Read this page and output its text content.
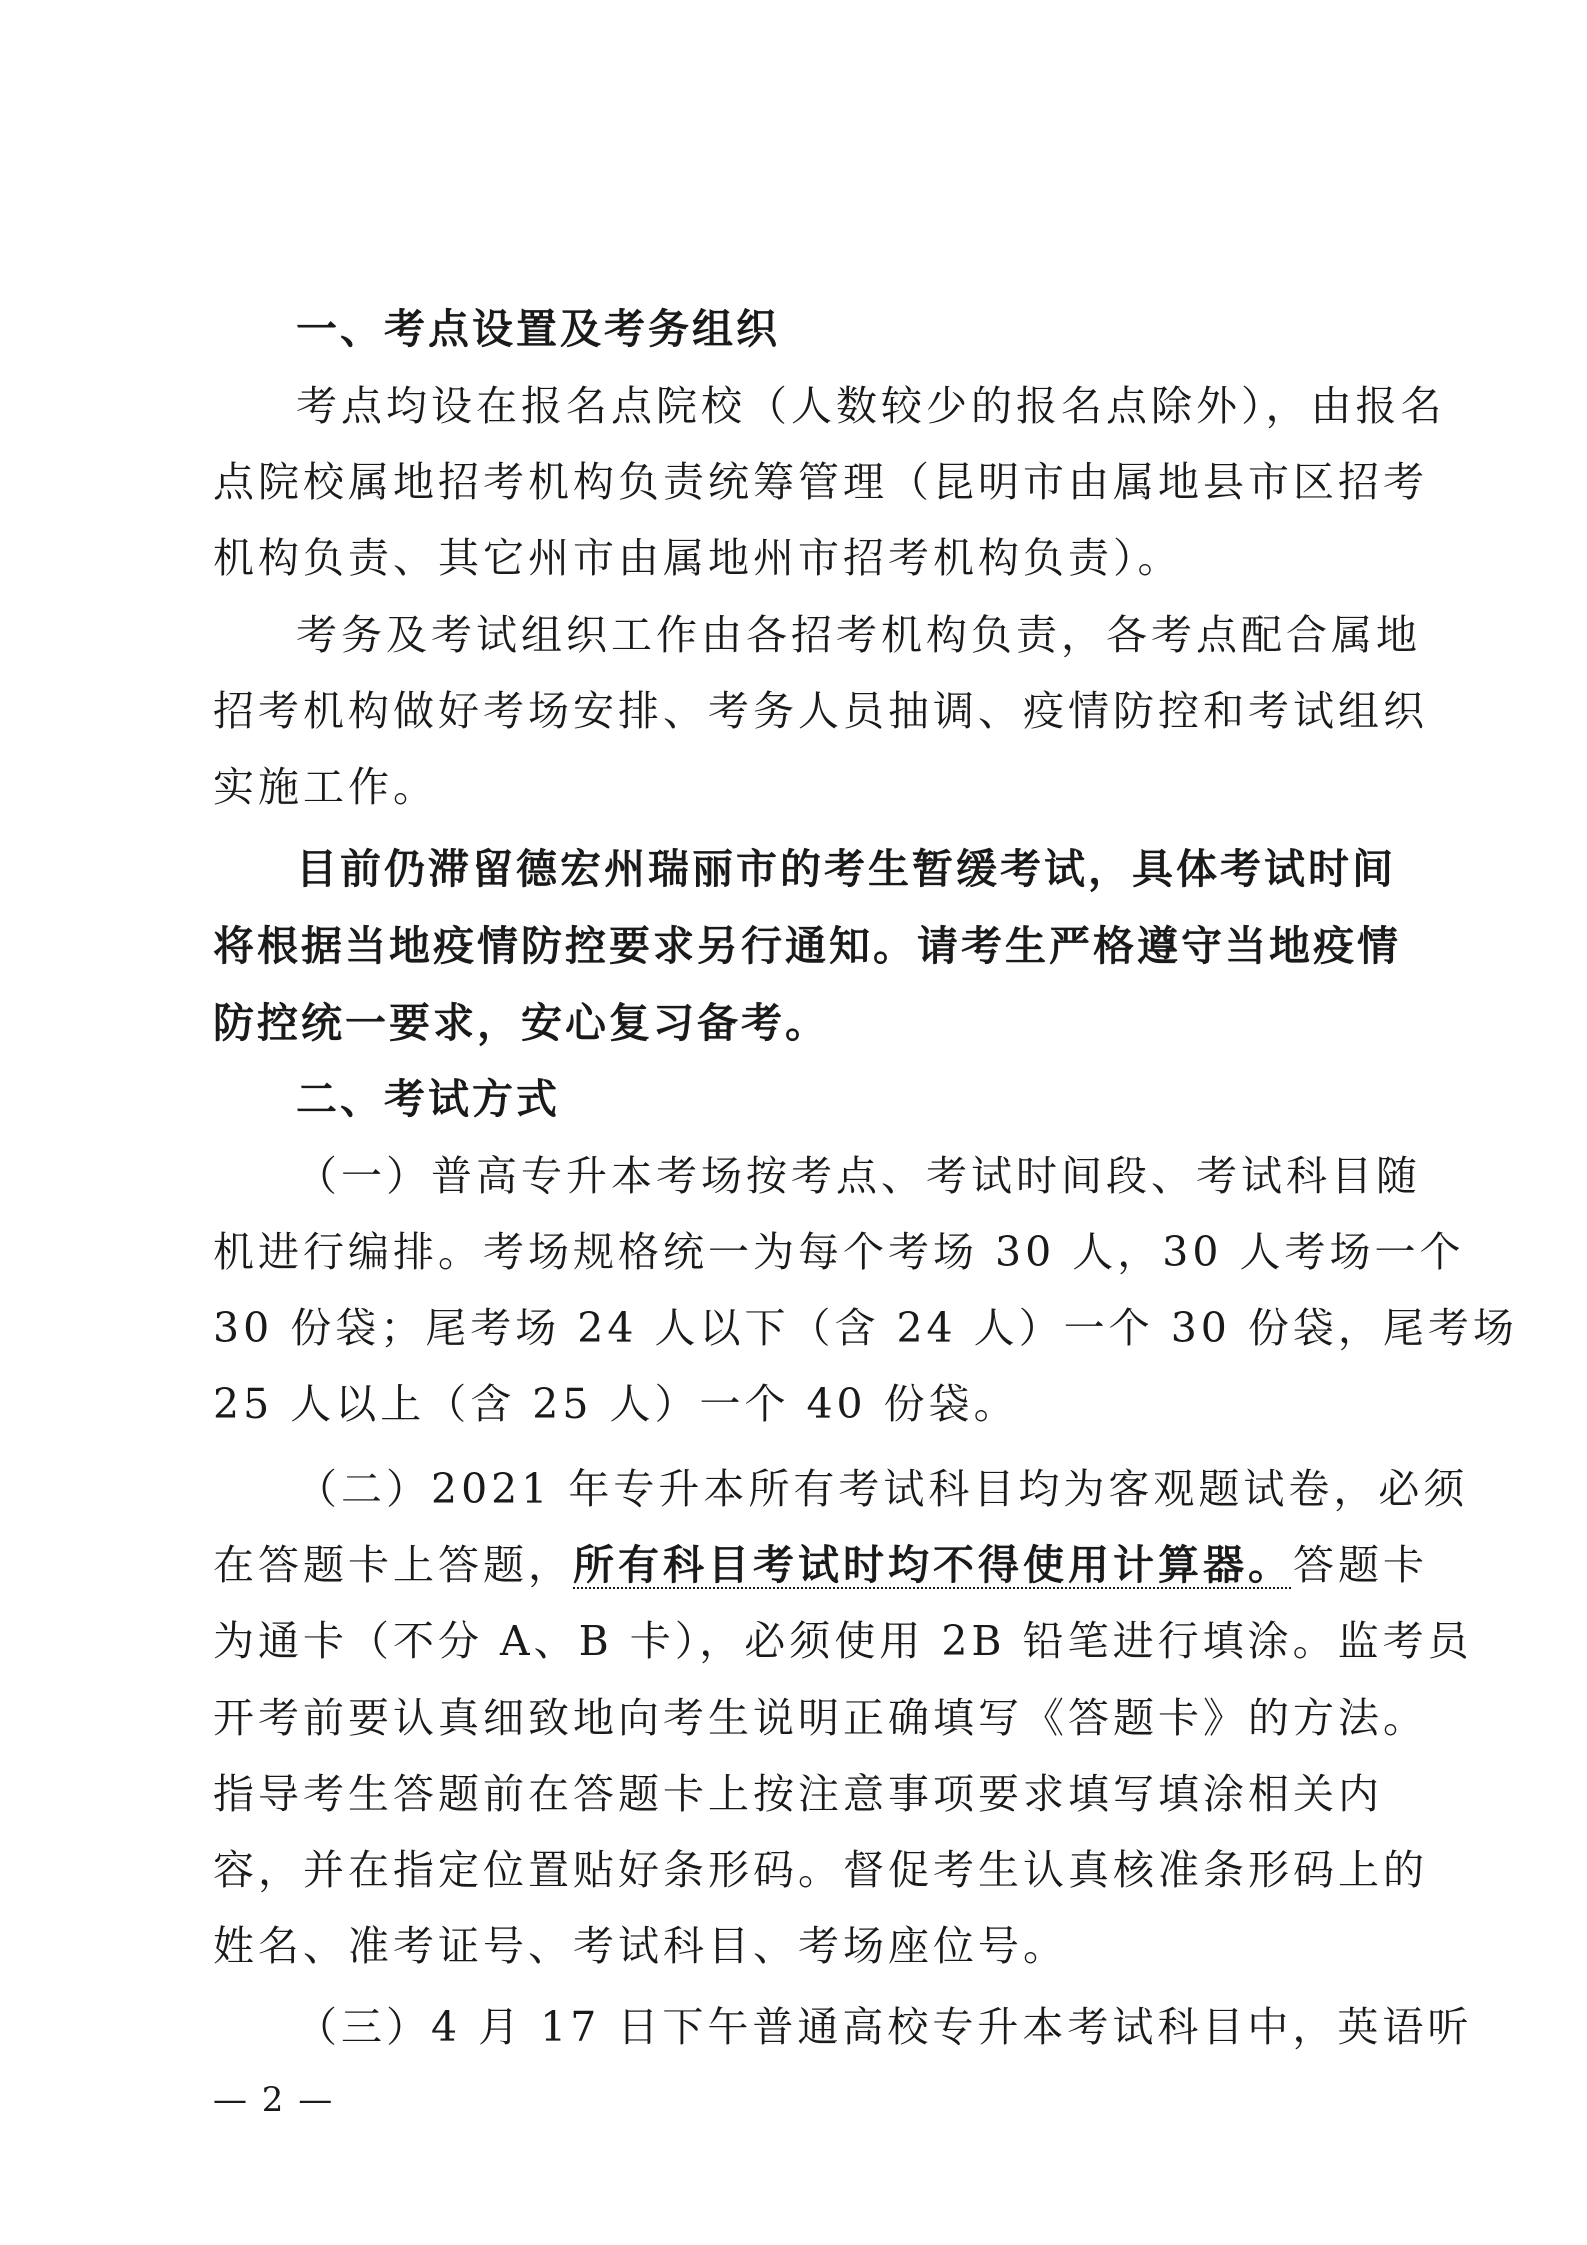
一、考点设置及考务组织
考点均设在报名点院校（人数较少的报名点除外），由报名
点院校属地招考机构负责统筹管理（昆明市由属地县市区招考
机构负责、其它州市由属地州市招考机构负责）。
考务及考试组织工作由各招考机构负责，各考点配合属地
招考机构做好考场安排、考务人员抽调、疫情防控和考试组织
实施工作。
目前仍滞留德宏州瑞丽市的考生暂缓考试，具体考试时间
将根据当地疫情防控要求另行通知。请考生严格遵守当地疫情
防控统一要求，安心复习备考。
二、考试方式
（一）普高专升本考场按考点、考试时间段、考试科目随
机进行编排。考场规格统一为每个考场 30 人，30 人考场一个
30 份袋；尾考场 24 人以下（含 24 人）一个 30 份袋，尾考场
25 人以上（含 25 人）一个 40 份袋。
（二）2021 年专升本所有考试科目均为客观题试卷，必须
在答题卡上答题，所有科目考试时均不得使用计算器。答题卡
为通卡（不分 A、B 卡），必须使用 2B 铅笔进行填涂。监考员
开考前要认真细致地向考生说明正确填写《答题卡》的方法。
指导考生答题前在答题卡上按注意事项要求填写填涂相关内
容，并在指定位置贴好条形码。督促考生认真核准条形码上的
姓名、准考证号、考试科目、考场座位号。
（三）4 月 17 日下午普通高校专升本考试科目中，英语听
— 2 —
